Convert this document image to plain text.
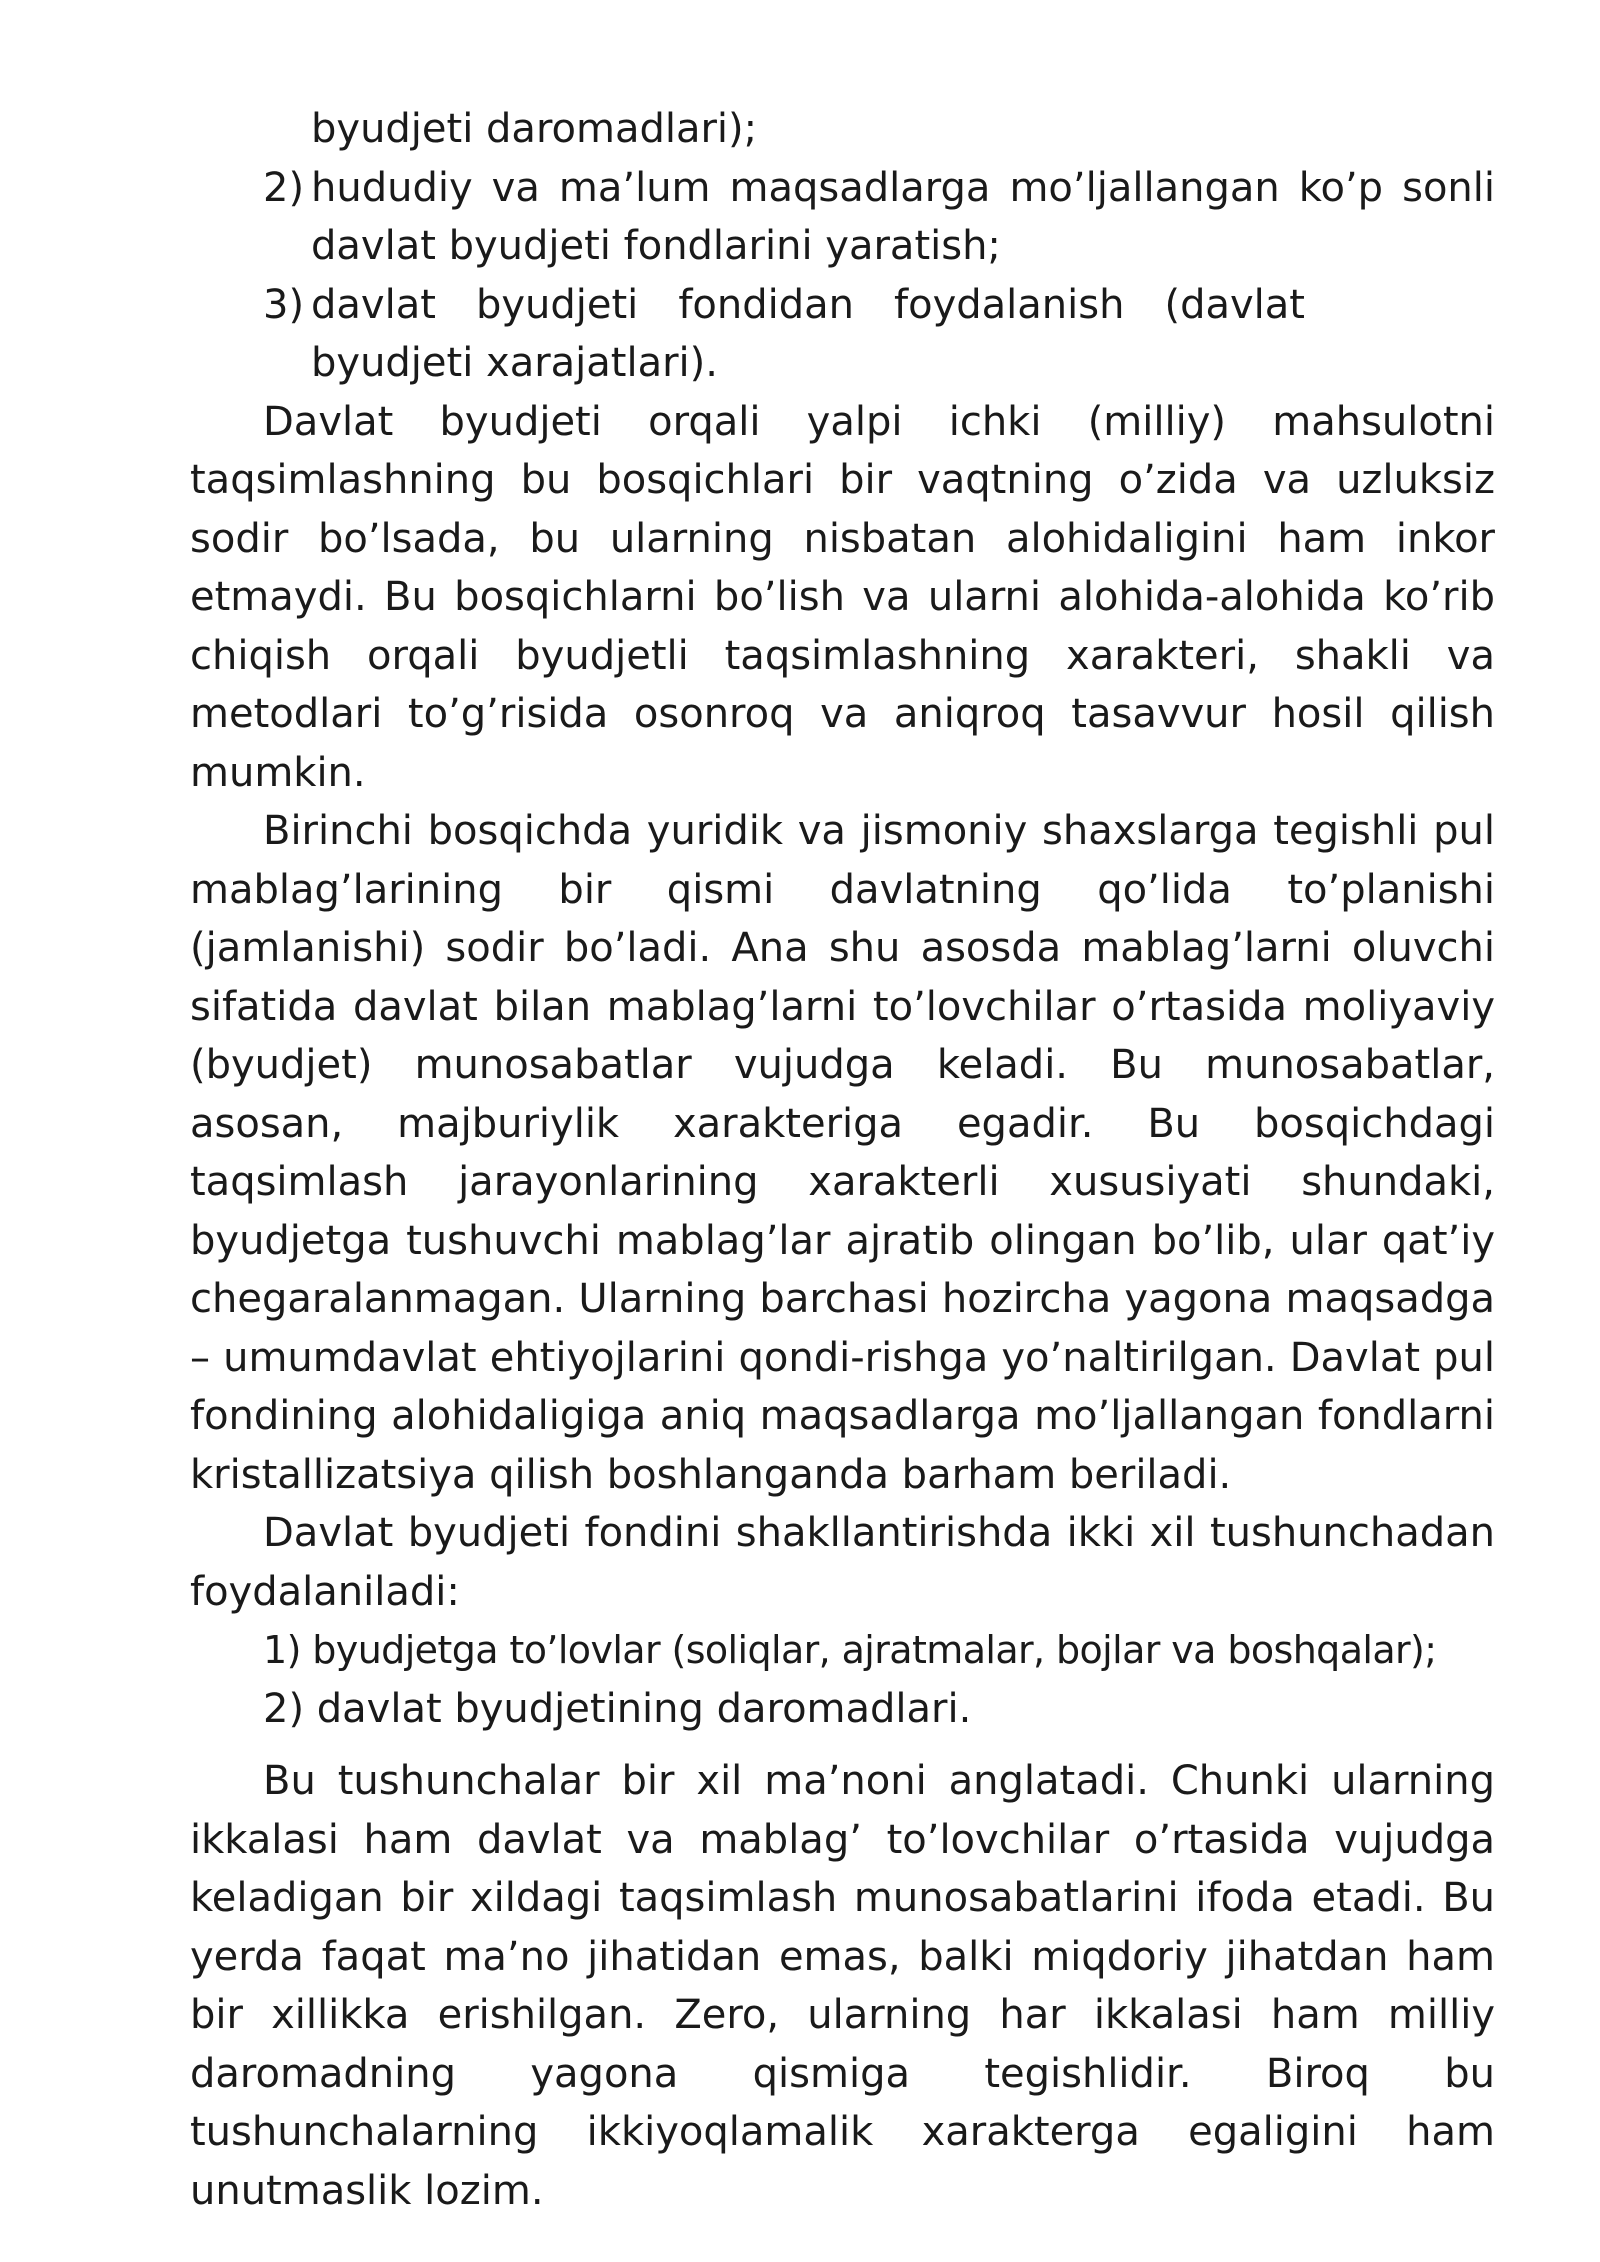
byudjeti daromadlari);

2) hududiy va ma’lum maqsadlarga mo’ljallangan ko’p sonli davlat byudjeti fondlarini yaratish;
3) davlat byudjeti fondidan foydalanish (davlat

byudjeti xarajatlari).

Davlat byudjeti orqali yalpi ichki (milliy) mahsulotni taqsimlashning bu bosqichlari bir vaqtning o’zida va uzluksiz sodir bo’lsada, bu ularning nisbatan alohidaligini ham inkor etmaydi. Bu bosqichlarni bo’lish va ularni alohida-alohida ko’rib chiqish orqali byudjetli taqsimlashning xarakteri, shakli va metodlari to’g’risida osonroq va aniqroq tasavvur hosil qilish mumkin.

Birinchi bosqichda yuridik va jismoniy shaxslarga tegishli pul mablag’larining bir qismi davlatning qo’lida to’planishi (jamlanishi) sodir bo’ladi. Ana shu asosda mablag’larni oluvchi sifatida davlat bilan mablag’larni to’lovchilar o’rtasida moliyaviy (byudjet) munosabatlar vujudga keladi. Bu munosabatlar, asosan, majburiylik xarakteriga egadir. Bu bosqichdagi taqsimlash jarayonlarining xarakterli xususiyati shundaki, byudjetga tushuvchi mablag’lar ajratib olingan bo’lib, ular qat’iy chegaralanmagan. Ularning barchasi hozircha yagona maqsadga – umumdavlat ehtiyojlarini qondi-rishga yo’naltirilgan. Davlat pul fondining alohidaligiga aniq maqsadlarga mo’ljallangan fondlarni kristallizatsiya qilish boshlanganda barham beriladi.

Davlat byudjeti fondini shakllantirishda ikki xil tushunchadan foydalaniladi:

1) byudjetga to’lovlar (soliqlar, ajratmalar, bojlar va boshqalar);

2) davlat byudjetining daromadlari.

Bu tushunchalar bir xil ma’noni anglatadi. Chunki ularning ikkalasi ham davlat va mablag’ to’lovchilar o’rtasida vujudga keladigan bir xildagi taqsimlash munosabatlarini ifoda etadi. Bu yerda faqat ma’no jihatidan emas, balki miqdoriy jihatdan ham bir xillikka erishilgan. Zero, ularning har ikkalasi ham milliy daromadning yagona qismiga tegishlidir. Biroq bu tushunchalarning ikkiyoqlamalik xarakterga egaligini ham unutmaslik lozim.
